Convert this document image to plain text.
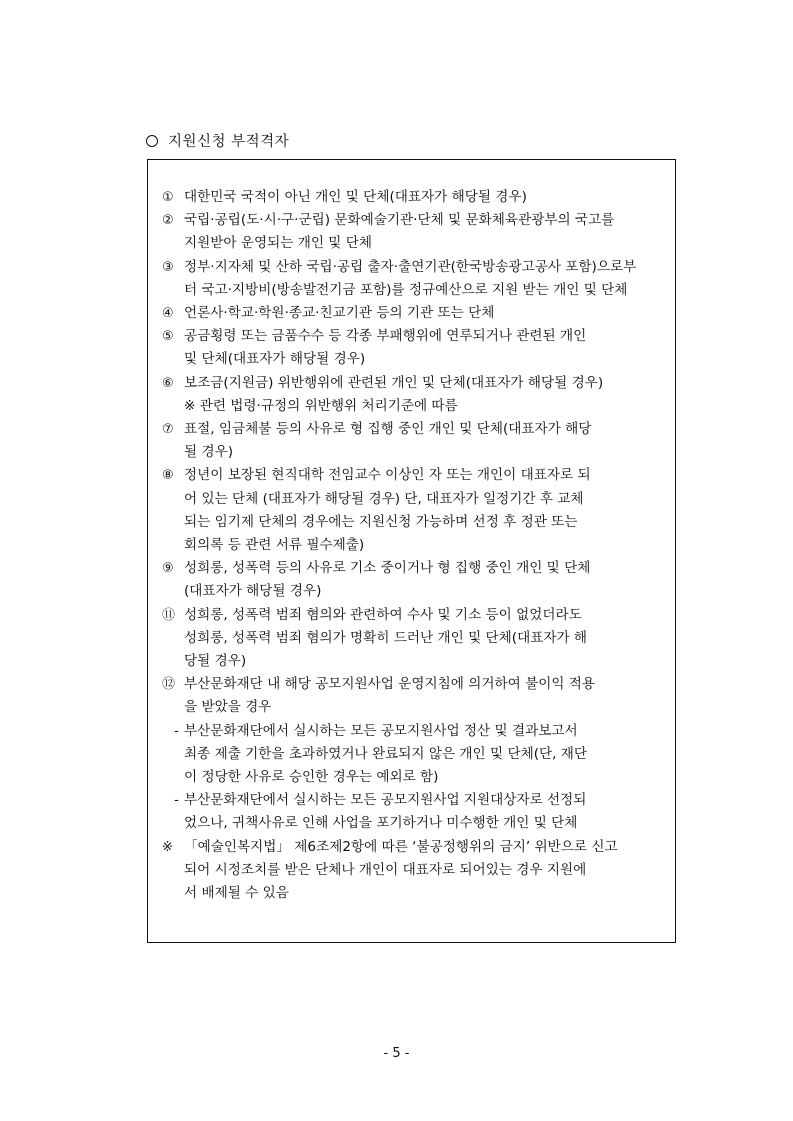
지원신청 부적격자
① 대한민국 국적이 아닌 개인 및 단체(대표자가 해당될 경우)
② 국립·공립(도·시·구·군립) 문화예술기관·단체 및 문화체육관광부의 국고를
지원받아 운영되는 개인 및 단체
③ 정부·지자체 및 산하 국립·공립 출자·출연기관(한국방송광고공사 포함)으로부
터 국고·지방비(방송발전기금 포함)를 정규예산으로 지원 받는 개인 및 단체
④ 언론사·학교·학원·종교·친교기관 등의 기관 또는 단체
⑤ 공금횡령 또는 금품수수 등 각종 부패행위에 연루되거나 관련된 개인
및 단체(대표자가 해당될 경우)
⑥ 보조금(지원금) 위반행위에 관련된 개인 및 단체(대표자가 해당될 경우)
※ 관련 법령·규정의 위반행위 처리기준에 따름
⑦ 표절, 임금체불 등의 사유로 형 집행 중인 개인 및 단체(대표자가 해당
될 경우)
⑧ 정년이 보장된 현직대학 전임교수 이상인 자 또는 개인이 대표자로 되
어 있는 단체 (대표자가 해당될 경우) 단, 대표자가 일정기간 후 교체
되는 임기제 단체의 경우에는 지원신청 가능하며 선정 후 정관 또는
회의록 등 관련 서류 필수제출)
⑨ 성희롱, 성폭력 등의 사유로 기소 중이거나 형 집행 중인 개인 및 단체
(대표자가 해당될 경우)
⑪ 성희롱, 성폭력 범죄 혐의와 관련하여 수사 및 기소 등이 없었더라도
성희롱, 성폭력 범죄 혐의가 명확히 드러난 개인 및 단체(대표자가 해
당될 경우)
⑫ 부산문화재단 내 해당 공모지원사업 운영지침에 의거하여 불이익 적용
을 받았을 경우
- 부산문화재단에서 실시하는 모든 공모지원사업 정산 및 결과보고서
최종 제출 기한을 초과하였거나 완료되지 않은 개인 및 단체(단, 재단
이 정당한 사유로 승인한 경우는 예외로 함)
- 부산문화재단에서 실시하는 모든 공모지원사업 지원대상자로 선정되
었으나, 귀책사유로 인해 사업을 포기하거나 미수행한 개인 및 단체
※ 「예술인복지법」 제6조제2항에 따른 ‘불공정행위의 금지’ 위반으로 신고
되어 시정조치를 받은 단체나 개인이 대표자로 되어있는 경우 지원에
서 배제될 수 있음
- 5 -
